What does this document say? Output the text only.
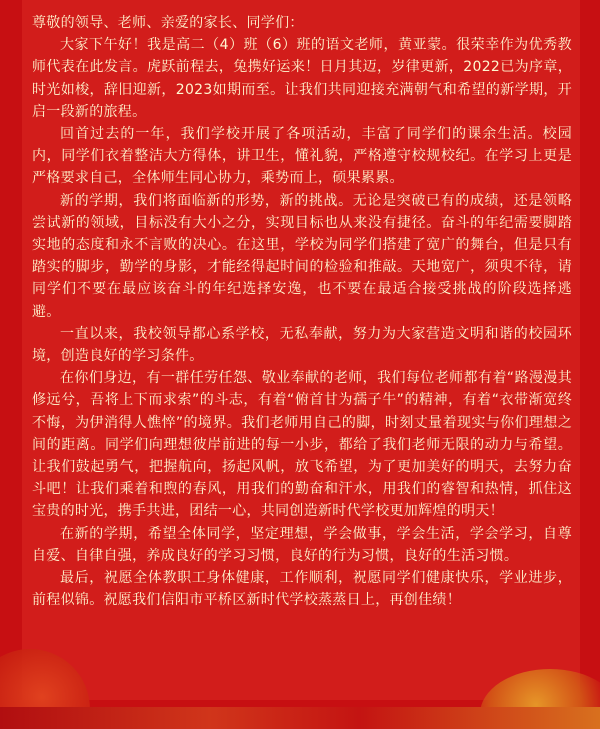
尊敬的领导、老师、亲爱的家长、同学们：

大家下午好！我是高二（4）班（6）班的语文老师，黄亚蒙。很荣幸作为优秀教师代表在此发言。虎跃前程去，兔携好运来！日月其迈，岁律更新，2022已为序章，时光如梭，辞旧迎新，2023如期而至。让我们共同迎接充满朝气和希望的新学期，开启一段新的旅程。

回首过去的一年，我们学校开展了各项活动，丰富了同学们的课余生活。校园内，同学们衣着整洁大方得体，讲卫生，懂礼貌，严格遵守校规校纪。在学习上更是严格要求自己，全体师生同心协力，乘势而上，硕果累累。

新的学期，我们将面临新的形势，新的挑战。无论是突破已有的成绩，还是领略尝试新的领域，目标没有大小之分，实现目标也从来没有捷径。奋斗的年纪需要脚踏实地的态度和永不言败的决心。在这里，学校为同学们搭建了宽广的舞台，但是只有踏实的脚步，勤学的身影，才能经得起时间的检验和推敲。天地宽广，须臾不待，请同学们不要在最应该奋斗的年纪选择安逸，也不要在最适合接受挑战的阶段选择逃避。

一直以来，我校领导都心系学校，无私奉献，努力为大家营造文明和谐的校园环境，创造良好的学习条件。

在你们身边，有一群任劳任怨、敬业奉献的老师，我们每位老师都有着“路漫漫其修远兮，吾将上下而求索”的斗志，有着“俯首甘为孺子牛”的精神，有着“衣带渐宽终不悔，为伊消得人憔悴”的境界。我们老师用自己的脚，时刻丈量着现实与你们理想之间的距离。同学们向理想彼岸前进的每一小步，都给了我们老师无限的动力与希望。让我们鼓起勇气，把握航向，扬起风帆，放飞希望，为了更加美好的明天，去努力奋斗吧！让我们乘着和煦的春风，用我们的勤奋和汗水，用我们的睿智和热情，抓住这宝贵的时光，携手共进，团结一心，共同创造新时代学校更加辉煌的明天！

在新的学期，希望全体同学，坚定理想，学会做事，学会生活，学会学习，自尊自爱、自律自强，养成良好的学习习惯，良好的行为习惯，良好的生活习惯。

最后，祝愿全体教职工身体健康，工作顺利，祝愿同学们健康快乐，学业进步，前程似锦。祝愿我们信阳市平桥区新时代学校蒸蒸日上，再创佳绩！
